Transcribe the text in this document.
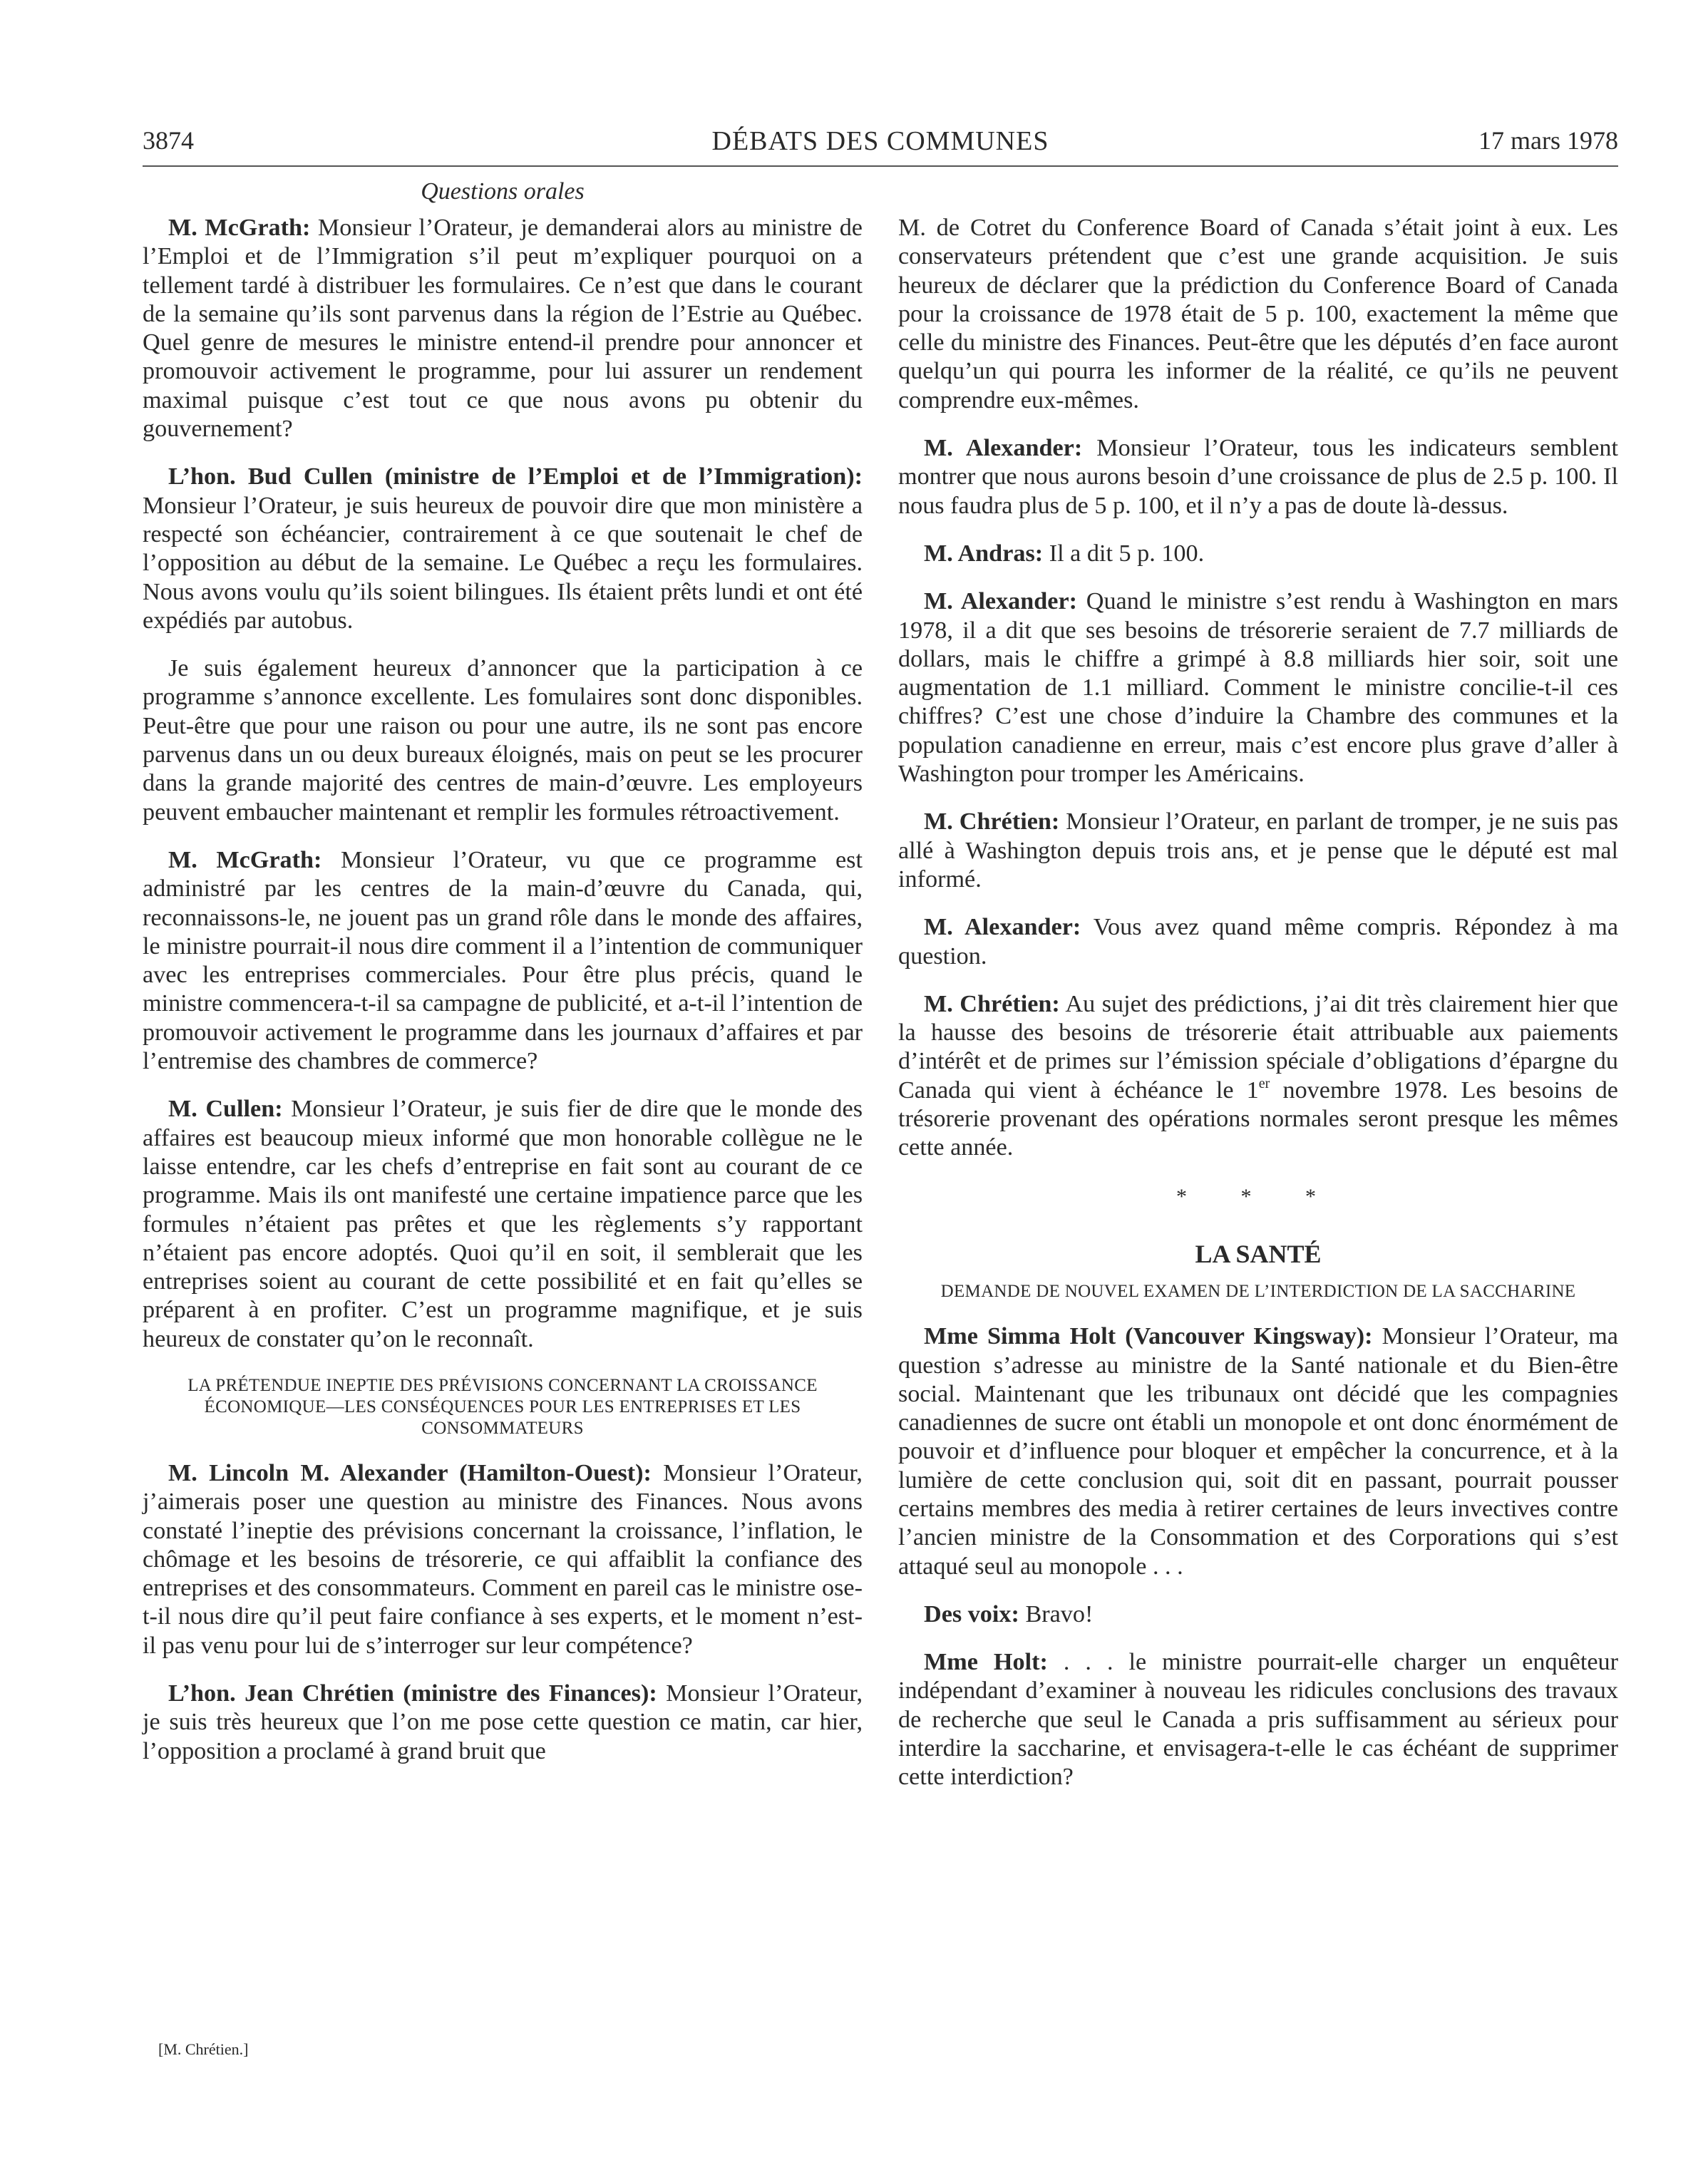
3874	DÉBATS DES COMMUNES	17 mars 1978
Questions orales

M. McGrath: Monsieur l’Orateur, je demanderai alors au ministre de l’Emploi et de l’Immigration s’il peut m’expliquer pourquoi on a tellement tardé à distribuer les formulaires. Ce n’est que dans le courant de la semaine qu’ils sont parvenus dans la région de l’Estrie au Québec. Quel genre de mesures le ministre entend-il prendre pour annoncer et promouvoir activement le programme, pour lui assurer un rendement maximal puisque c’est tout ce que nous avons pu obtenir du gouvernement?

L’hon. Bud Cullen (ministre de l’Emploi et de l’Immigration): Monsieur l’Orateur, je suis heureux de pouvoir dire que mon ministère a respecté son échéancier, contrairement à ce que soutenait le chef de l’opposition au début de la semaine. Le Québec a reçu les formulaires. Nous avons voulu qu’ils soient bilingues. Ils étaient prêts lundi et ont été expédiés par autobus.

Je suis également heureux d’annoncer que la participation à ce programme s’annonce excellente. Les fomulaires sont donc disponibles. Peut-être que pour une raison ou pour une autre, ils ne sont pas encore parvenus dans un ou deux bureaux éloignés, mais on peut se les procurer dans la grande majorité des centres de main-d’œuvre. Les employeurs peuvent embaucher maintenant et remplir les formules rétroactivement.

M. McGrath: Monsieur l’Orateur, vu que ce programme est administré par les centres de la main-d’œuvre du Canada, qui, reconnaissons-le, ne jouent pas un grand rôle dans le monde des affaires, le ministre pourrait-il nous dire comment il a l’intention de communiquer avec les entreprises commerciales. Pour être plus précis, quand le ministre commencera-t-il sa campagne de publicité, et a-t-il l’intention de promouvoir activement le programme dans les journaux d’affaires et par l’entremise des chambres de commerce?

M. Cullen: Monsieur l’Orateur, je suis fier de dire que le monde des affaires est beaucoup mieux informé que mon honorable collègue ne le laisse entendre, car les chefs d’entreprise en fait sont au courant de ce programme. Mais ils ont manifesté une certaine impatience parce que les formules n’étaient pas prêtes et que les règlements s’y rapportant n’étaient pas encore adoptés. Quoi qu’il en soit, il semblerait que les entreprises soient au courant de cette possibilité et en fait qu’elles se préparent à en profiter. C’est un programme magnifique, et je suis heureux de constater qu’on le reconnaît.

LA PRÉTENDUE INEPTIE DES PRÉVISIONS CONCERNANT LA CROISSANCE ÉCONOMIQUE—LES CONSÉQUENCES POUR LES ENTREPRISES ET LES CONSOMMATEURS

M. Lincoln M. Alexander (Hamilton-Ouest): Monsieur l’Orateur, j’aimerais poser une question au ministre des Finances. Nous avons constaté l’ineptie des prévisions concernant la croissance, l’inflation, le chômage et les besoins de trésorerie, ce qui affaiblit la confiance des entreprises et des consommateurs. Comment en pareil cas le ministre ose-t-il nous dire qu’il peut faire confiance à ses experts, et le moment n’est-il pas venu pour lui de s’interroger sur leur compétence?

L’hon. Jean Chrétien (ministre des Finances): Monsieur l’Orateur, je suis très heureux que l’on me pose cette question ce matin, car hier, l’opposition a proclamé à grand bruit que

[M. Chrétien.]

M. de Cotret du Conference Board of Canada s’était joint à eux. Les conservateurs prétendent que c’est une grande acquisition. Je suis heureux de déclarer que la prédiction du Conference Board of Canada pour la croissance de 1978 était de 5 p. 100, exactement la même que celle du ministre des Finances. Peut-être que les députés d’en face auront quelqu’un qui pourra les informer de la réalité, ce qu’ils ne peuvent comprendre eux-mêmes.

M. Alexander: Monsieur l’Orateur, tous les indicateurs semblent montrer que nous aurons besoin d’une croissance de plus de 2.5 p. 100. Il nous faudra plus de 5 p. 100, et il n’y a pas de doute là-dessus.

M. Andras: Il a dit 5 p. 100.

M. Alexander: Quand le ministre s’est rendu à Washington en mars 1978, il a dit que ses besoins de trésorerie seraient de 7.7 milliards de dollars, mais le chiffre a grimpé à 8.8 milliards hier soir, soit une augmentation de 1.1 milliard. Comment le ministre concilie-t-il ces chiffres? C’est une chose d’induire la Chambre des communes et la population canadienne en erreur, mais c’est encore plus grave d’aller à Washington pour tromper les Américains.

M. Chrétien: Monsieur l’Orateur, en parlant de tromper, je ne suis pas allé à Washington depuis trois ans, et je pense que le député est mal informé.

M. Alexander: Vous avez quand même compris. Répondez à ma question.

M. Chrétien: Au sujet des prédictions, j’ai dit très clairement hier que la hausse des besoins de trésorerie était attribuable aux paiements d’intérêt et de primes sur l’émission spéciale d’obligations d’épargne du Canada qui vient à échéance le 1er novembre 1978. Les besoins de trésorerie provenant des opérations normales seront presque les mêmes cette année.

* * *
LA SANTÉ
DEMANDE DE NOUVEL EXAMEN DE L’INTERDICTION DE LA SACCHARINE

Mme Simma Holt (Vancouver Kingsway): Monsieur l’Orateur, ma question s’adresse au ministre de la Santé nationale et du Bien-être social. Maintenant que les tribunaux ont décidé que les compagnies canadiennes de sucre ont établi un monopole et ont donc énormément de pouvoir et d’influence pour bloquer et empêcher la concurrence, et à la lumière de cette conclusion qui, soit dit en passant, pourrait pousser certains membres des media à retirer certaines de leurs invectives contre l’ancien ministre de la Consommation et des Corporations qui s’est attaqué seul au monopole . . .

Des voix: Bravo!

Mme Holt: . . . le ministre pourrait-elle charger un enquêteur indépendant d’examiner à nouveau les ridicules conclusions des travaux de recherche que seul le Canada a pris suffisamment au sérieux pour interdire la saccharine, et envisagera-t-elle le cas échéant de supprimer cette interdiction?
